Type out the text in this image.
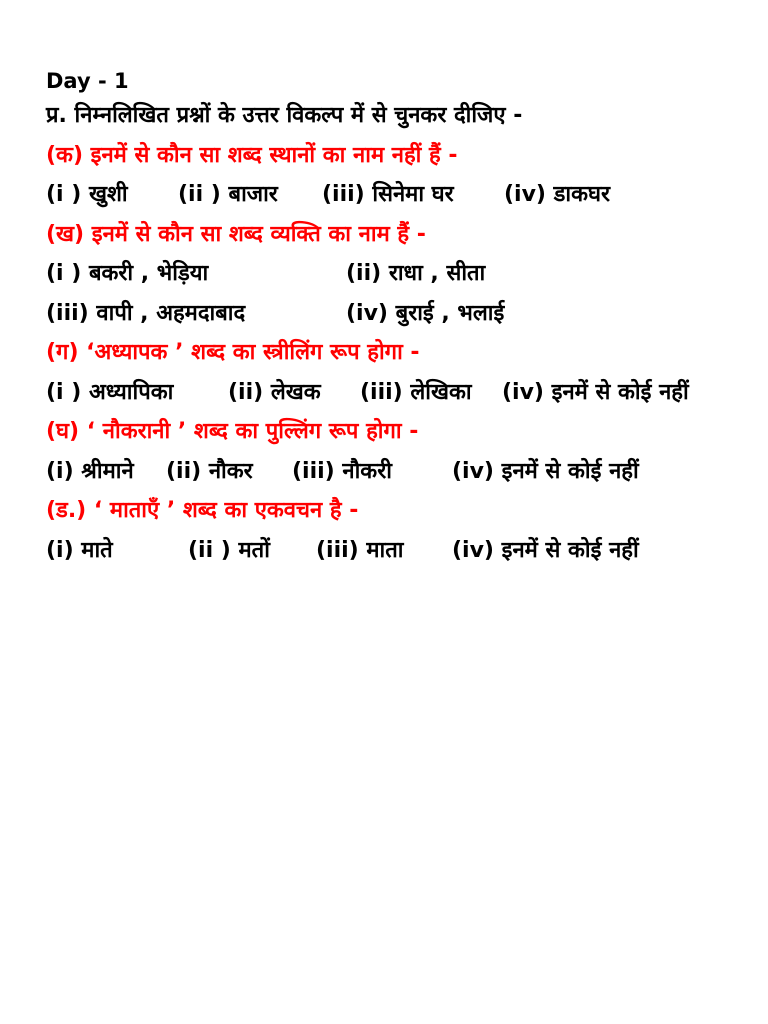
Day - 1
प्र. निम्नलिखित प्रश्नों के उत्तर विकल्प में से चुनकर दीजिए -
(क) इनमें से कौन सा शब्द स्थानों का नाम नहीं हैं -
(i ) खुशी (ii ) बाजार (iii) सिनेमा घर (iv) डाकघर
(ख) इनमें से कौन सा शब्द व्यक्ति का नाम हैं -
(i ) बकरी , भेड़िया	(ii) राधा , सीता
(iii) वापी , अहमदाबाद	(iv) बुराई , भलाई
(ग) ‘अध्यापक ’ शब्द का स्त्रीलिंग रूप होगा -
(i ) अध्यापिका (ii) लेखक (iii) लेखिका (iv) इनमें से कोई नहीं
(घ) ‘ नौकरानी ’ शब्द का पुल्लिंग रूप होगा -
(i) श्रीमाने (ii) नौकर (iii) नौकरी	(iv) इनमें से कोई नहीं
(ड.) ‘ माताएँ ’ शब्द का एकवचन है -
(i) माते	(ii ) मतों (iii) माता (iv) इनमें से कोई नहीं
